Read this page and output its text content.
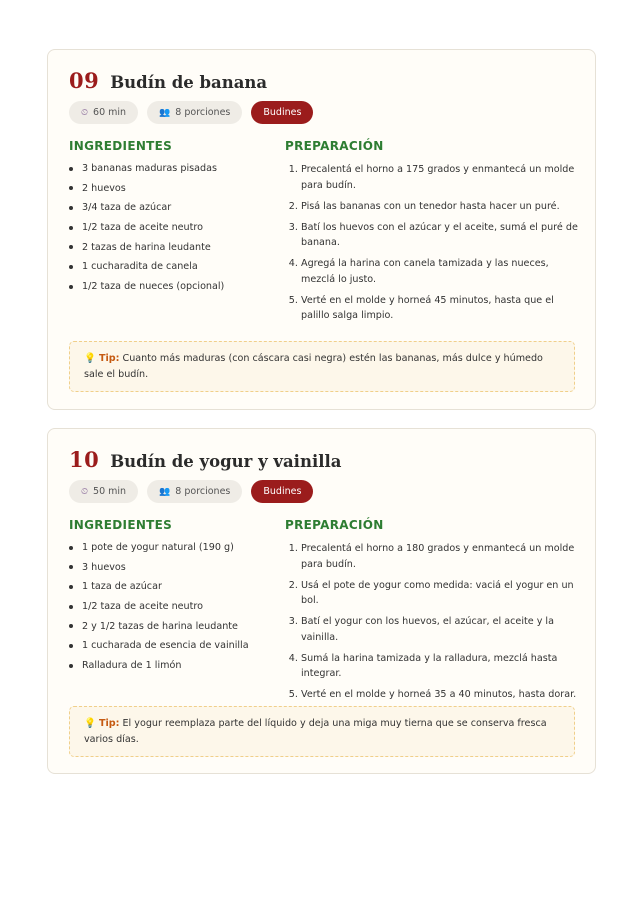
09 Budín de banana
⏲ 60 min	👥 8 porciones	Budines
INGREDIENTES	PREPARACIÓN
3 bananas maduras pisadas
2 huevos
3/4 taza de azúcar
1/2 taza de aceite neutro
2 tazas de harina leudante
1 cucharadita de canela
1/2 taza de nueces (opcional)
1. Precalentá el horno a 175 grados y enmantecá un molde para budín.
2. Pisá las bananas con un tenedor hasta hacer un puré.
3. Batí los huevos con el azúcar y el aceite, sumá el puré de banana.
4. Agregá la harina con canela tamizada y las nueces, mezclá lo justo.
5. Verté en el molde y horneá 45 minutos, hasta que el palillo salga limpio.
💡 Tip: Cuanto más maduras (con cáscara casi negra) estén las bananas, más dulce y húmedo sale el budín.
10 Budín de yogur y vainilla
⏲ 50 min	👥 8 porciones	Budines
INGREDIENTES	PREPARACIÓN
1 pote de yogur natural (190 g)
3 huevos
1 taza de azúcar
1/2 taza de aceite neutro
2 y 1/2 tazas de harina leudante
1 cucharada de esencia de vainilla
Ralladura de 1 limón
1. Precalentá el horno a 180 grados y enmantecá un molde para budín.
2. Usá el pote de yogur como medida: vaciá el yogur en un bol.
3. Batí el yogur con los huevos, el azúcar, el aceite y la vainilla.
4. Sumá la harina tamizada y la ralladura, mezclá hasta integrar.
5. Verté en el molde y horneá 35 a 40 minutos, hasta dorar.
💡 Tip: El yogur reemplaza parte del líquido y deja una miga muy tierna que se conserva fresca varios días.
